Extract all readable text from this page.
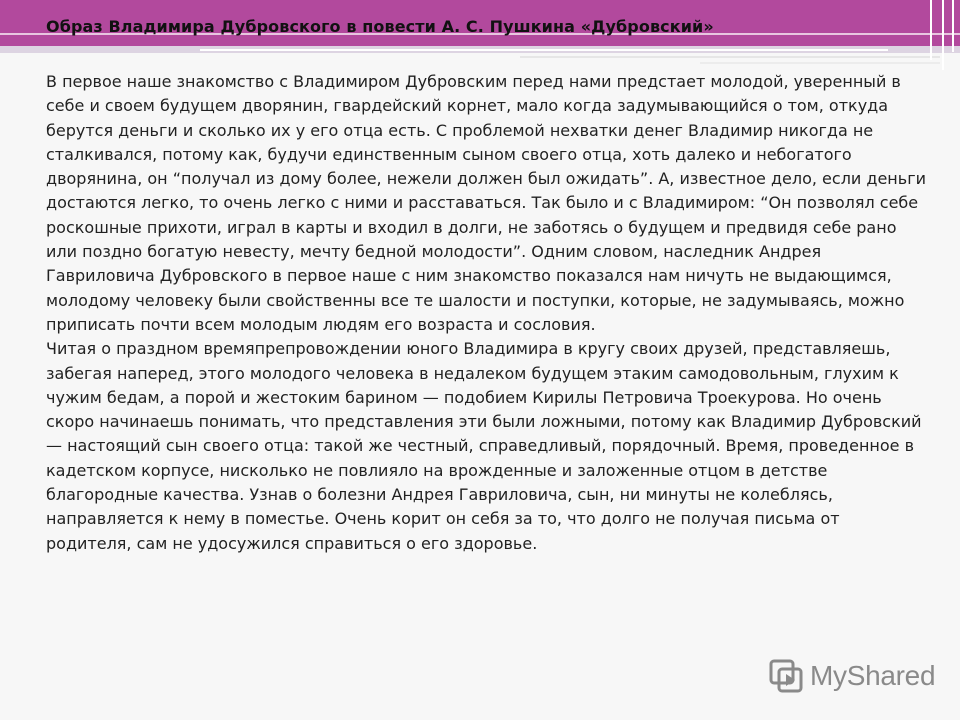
Образ Владимира Дубровского в повести А. С. Пушкина «Дубровский»

В первое наше знакомство с Владимиром Дубровским перед нами предстает молодой, уверенный в себе и своем будущем дворянин, гвардейский корнет, мало когда задумывающийся о том, откуда берутся деньги и сколько их у его отца есть. С проблемой нехватки денег Владимир никогда не сталкивался, потому как, будучи единственным сыном своего отца, хоть далеко и небогатого дворянина, он “получал из дому более, нежели должен был ожидать”. А, известное дело, если деньги достаются легко, то очень легко с ними и расставаться. Так было и с Владимиром: “Он позволял себе роскошные прихоти, играл в карты и входил в долги, не заботясь о будущем и предвидя себе рано или поздно богатую невесту, мечту бедной молодости”. Одним словом, наследник Андрея Гавриловича Дубровского в первое наше с ним знакомство показался нам ничуть не выдающимся, молодому человеку были свойственны все те шалости и поступки, которые, не задумываясь, можно приписать почти всем молодым людям его возраста и сословия.

Читая о праздном времяпрепровождении юного Владимира в кругу своих друзей, представляешь, забегая наперед, этого молодого человека в недалеком будущем этаким самодовольным, глухим к чужим бедам, а порой и жестоким барином — подобием Кирилы Петровича Троекурова. Но очень скоро начинаешь понимать, что представления эти были ложными, потому как Владимир Дубровский — настоящий сын своего отца: такой же честный, справедливый, порядочный. Время, проведенное в кадетском корпусе, нисколько не повлияло на врожденные и заложенные отцом в детстве благородные качества. Узнав о болезни Андрея Гавриловича, сын, ни минуты не колеблясь, направляется к нему в поместье. Очень корит он себя за то, что долго не получая письма от родителя, сам не удосужился справиться о его здоровье.

MyShared
